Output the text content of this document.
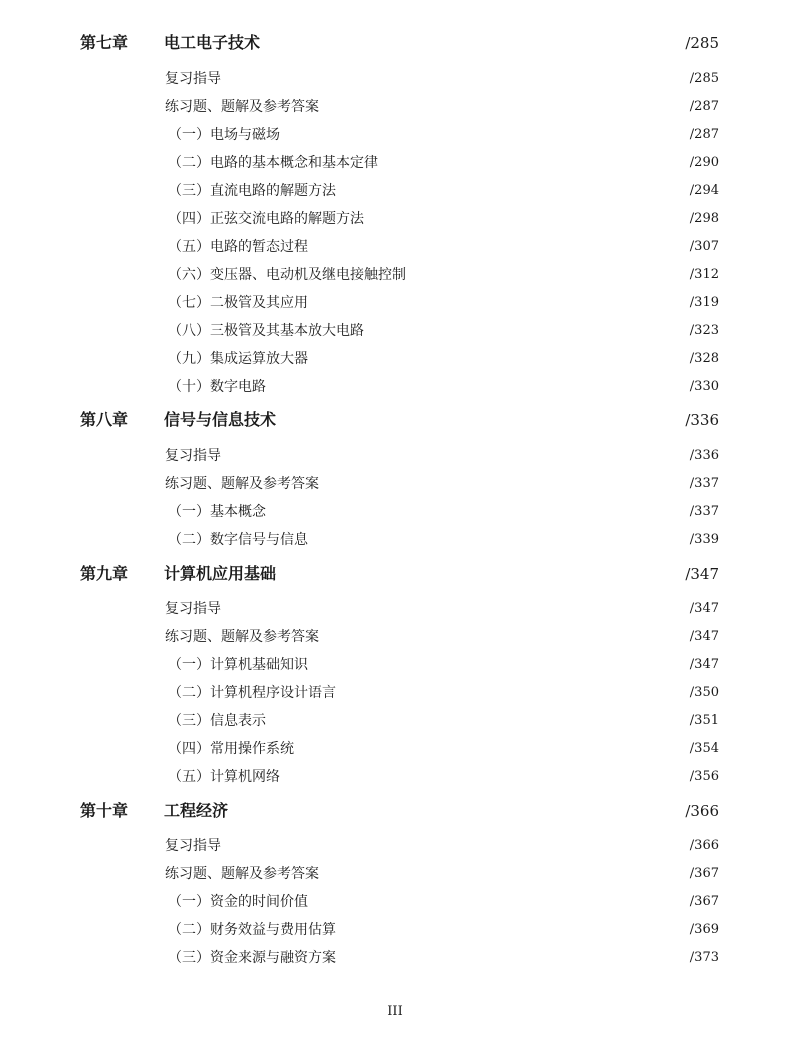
第七章 电工电子技术	/285
复习指导	/285
练习题、题解及参考答案	/287
（一）电场与磁场	/287
（二）电路的基本概念和基本定律	/290
（三）直流电路的解题方法	/294
（四）正弦交流电路的解题方法	/298
（五）电路的暂态过程	/307
（六）变压器、电动机及继电接触控制	/312
（七）二极管及其应用	/319
（八）三极管及其基本放大电路	/323
（九）集成运算放大器	/328
（十）数字电路	/330
第八章 信号与信息技术	/336
复习指导	/336
练习题、题解及参考答案	/337
（一）基本概念	/337
（二）数字信号与信息	/339
第九章 计算机应用基础	/347
复习指导	/347
练习题、题解及参考答案	/347
（一）计算机基础知识	/347
（二）计算机程序设计语言	/350
（三）信息表示	/351
（四）常用操作系统	/354
（五）计算机网络	/356
第十章 工程经济	/366
复习指导	/366
练习题、题解及参考答案	/367
（一）资金的时间价值	/367
（二）财务效益与费用估算	/369
（三）资金来源与融资方案	/373
III
